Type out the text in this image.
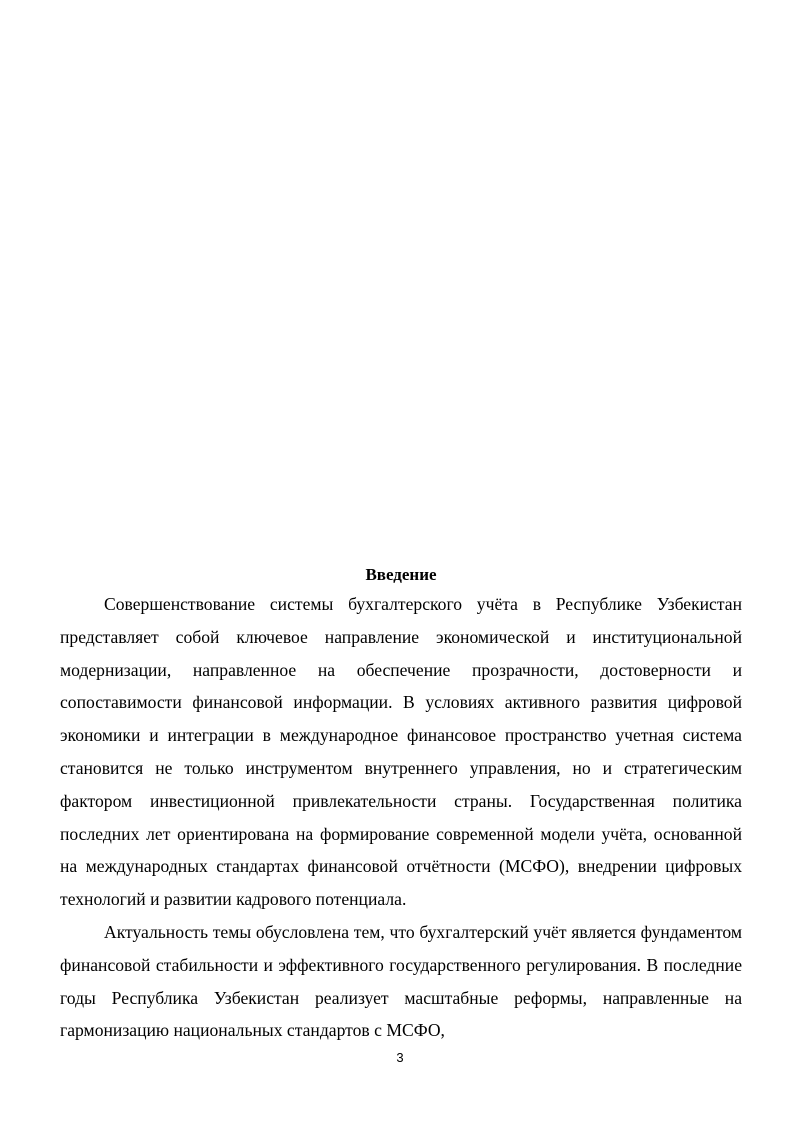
Введение

Совершенствование системы бухгалтерского учёта в Республике Узбекистан представляет собой ключевое направление экономической и институциональной модернизации, направленное на обеспечение прозрачности, достоверности и сопоставимости финансовой информации. В условиях активного развития цифровой экономики и интеграции в международное финансовое пространство учетная система становится не только инструментом внутреннего управления, но и стратегическим фактором инвестиционной привлекательности страны. Государственная политика последних лет ориентирована на формирование современной модели учёта, основанной на международных стандартах финансовой отчётности (МСФО), внедрении цифровых технологий и развитии кадрового потенциала.

Актуальность темы обусловлена тем, что бухгалтерский учёт является фундаментом финансовой стабильности и эффективного государственного регулирования. В последние годы Республика Узбекистан реализует масштабные реформы, направленные на гармонизацию национальных стандартов с МСФО,

3
